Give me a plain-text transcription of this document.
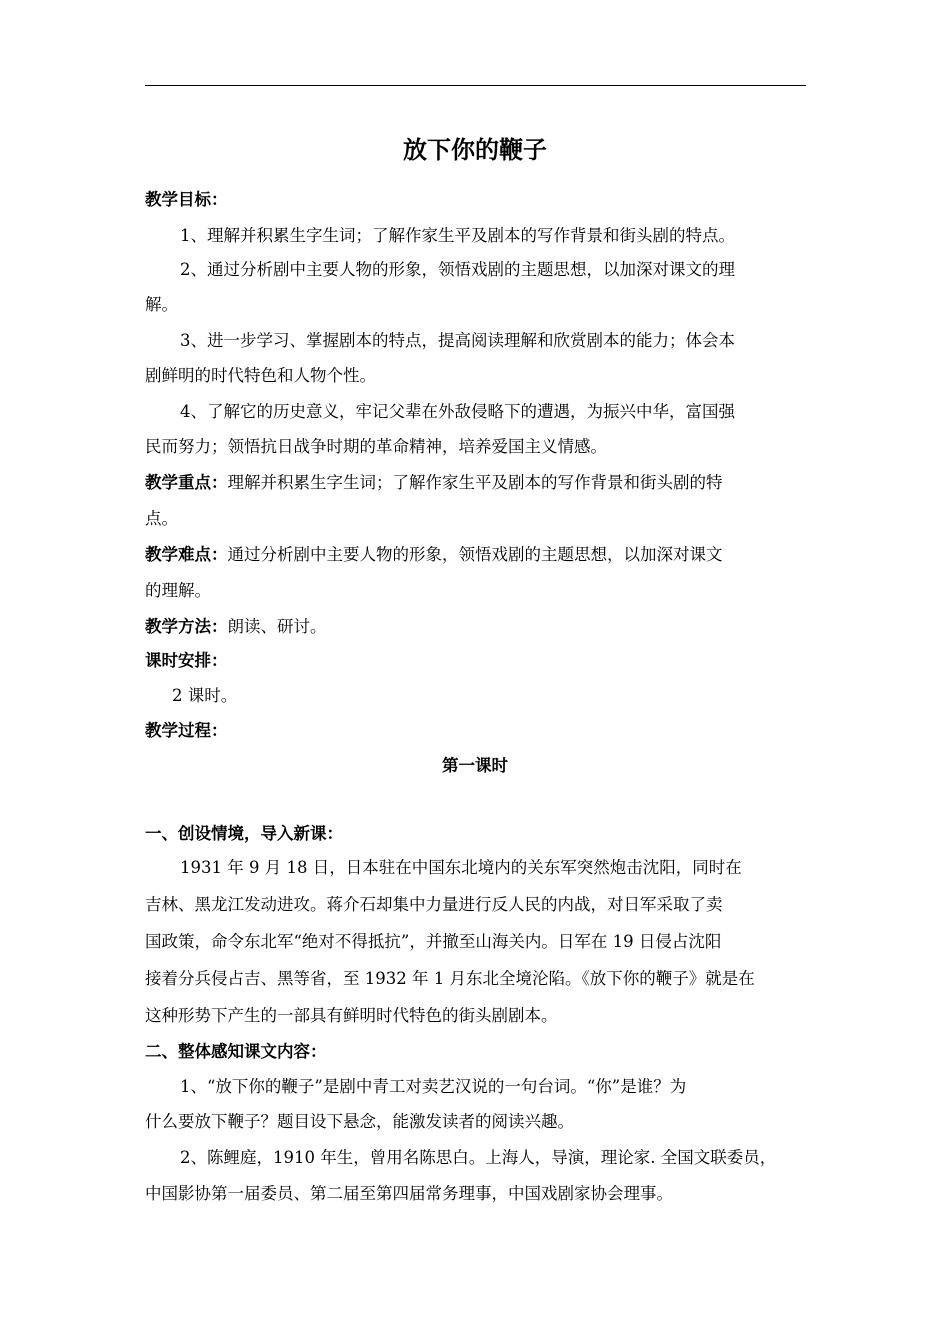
放下你的鞭子
教学目标：
1、理解并积累生字生词；了解作家生平及剧本的写作背景和街头剧的特点。
2、通过分析剧中主要人物的形象，领悟戏剧的主题思想，以加深对课文的理
解。
3、进一步学习、掌握剧本的特点，提高阅读理解和欣赏剧本的能力；体会本
剧鲜明的时代特色和人物个性。
4、了解它的历史意义，牢记父辈在外敌侵略下的遭遇，为振兴中华，富国强
民而努力；领悟抗日战争时期的革命精神，培养爱国主义情感。
教学重点：理解并积累生字生词；了解作家生平及剧本的写作背景和街头剧的特
点。
教学难点：通过分析剧中主要人物的形象，领悟戏剧的主题思想，以加深对课文
的理解。
教学方法：朗读、研讨。
课时安排：
2 课时。
教学过程：
第一课时
一、创设情境，导入新课：
1931 年 9 月 18 日，日本驻在中国东北境内的关东军突然炮击沈阳，同时在
吉林、黑龙江发动进攻。蒋介石却集中力量进行反人民的内战，对日军采取了卖
国政策，命令东北军“绝对不得抵抗”，并撤至山海关内。日军在 19 日侵占沈阳
接着分兵侵占吉、黑等省，至 1932 年 1 月东北全境沦陷。《放下你的鞭子》就是在
这种形势下产生的一部具有鲜明时代特色的街头剧剧本。
二、整体感知课文内容：
1、“放下你的鞭子”是剧中青工对卖艺汉说的一句台词。“你”是谁？为
什么要放下鞭子？题目设下悬念，能激发读者的阅读兴趣。
2、陈鲤庭，1910 年生，曾用名陈思白。上海人，导演，理论家. 全国文联委员，
中国影协第一届委员、第二届至第四届常务理事，中国戏剧家协会理事。
